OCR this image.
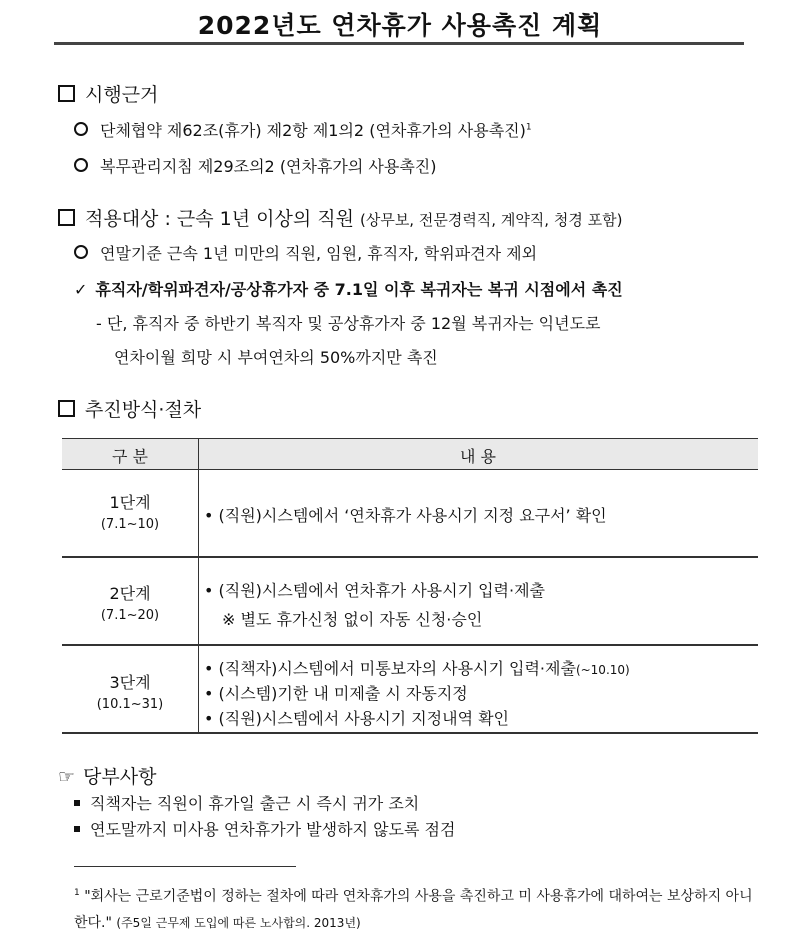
2022년도 연차휴가 사용촉진 계획
시행근거
단체협약 제62조(휴가) 제2항 제1의2 (연차휴가의 사용촉진)$^1$
복무관리지침 제29조의2 (연차휴가의 사용촉진)
적용대상 : 근속 1년 이상의 직원 (상무보, 전문경력직, 계약직, 청경 포함)
연말기준 근속 1년 미만의 직원, 임원, 휴직자, 학위파견자 제외
✓ 휴직자/학위파견자/공상휴가자 중 7.1일 이후 복귀자는 복귀 시점에서 촉진
- 단, 휴직자 중 하반기 복직자 및 공상휴가자 중 12월 복귀자는 익년도로
연차이월 희망 시 부여연차의 50%까지만 촉진
추진방식·절차
구 분	내 용
1단계
(7.1~10)	• (직원)시스템에서 ‘연차휴가 사용시기 지정 요구서’ 확인
2단계
(7.1~20)
• (직원)시스템에서 연차휴가 사용시기 입력·제출
※ 별도 휴가신청 없이 자동 신청·승인
3단계
(10.1~31)
• (직책자)시스템에서 미통보자의 사용시기 입력·제출(~10.10)
• (시스템)기한 내 미제출 시 자동지정
• (직원)시스템에서 사용시기 지정내역 확인
☞ 당부사항
직책자는 직원이 휴가일 출근 시 즉시 귀가 조치
연도말까지 미사용 연차휴가가 발생하지 않도록 점검
$^1$ "회사는 근로기준법이 정하는 절차에 따라 연차휴가의 사용을 촉진하고 미 사용휴가에 대하여는 보상하지 아니한다." (주5일 근무제 도입에 따른 노사합의. 2013년)
